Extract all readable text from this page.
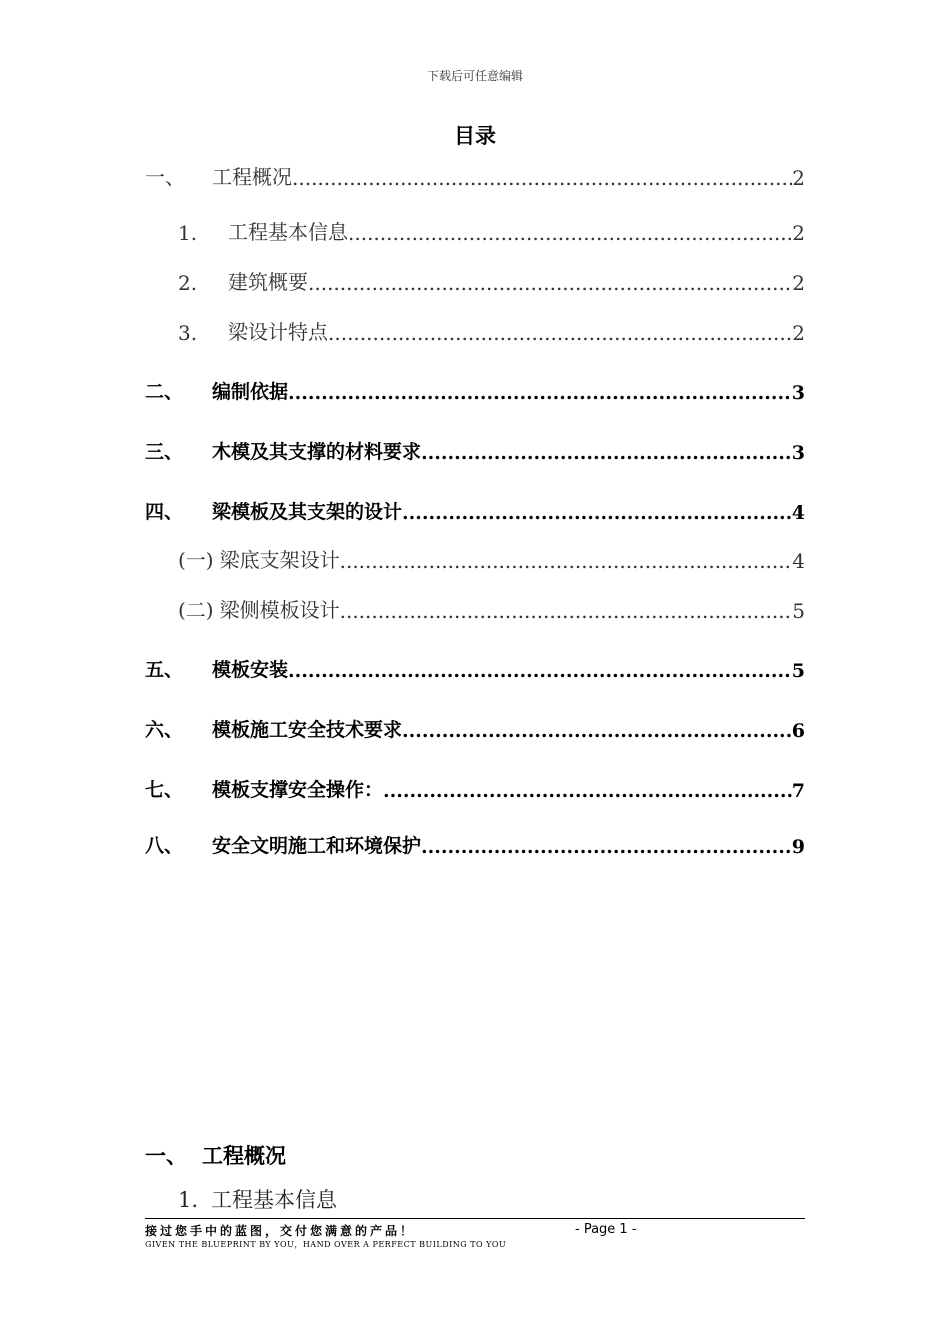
下载后可任意编辑
目录
一、	工程概况 .....	2
1.	工程基本信息 .....	2
2.	建筑概要 .....	2
3.	梁设计特点 .....	2
二、	编制依据 .....	3
三、	木模及其支撑的材料要求 .....	3
四、	梁模板及其支架的设计 .....	4
(一) 梁底支架设计 .....	4
(二) 梁侧模板设计 .....	5
五、	模板安装 .....	5
六、	模板施工安全技术要求 .....	6
七、	模板支撑安全操作： .....	7
八、	安全文明施工和环境保护 .....	9
一、 工程概况
1. 工程基本信息
接过您手中的蓝图，交付您满意的产品！	- Page 1 -
GIVEN THE BLUEPRINT BY YOU，HAND OVER A PERFECT BUILDING TO YOU
